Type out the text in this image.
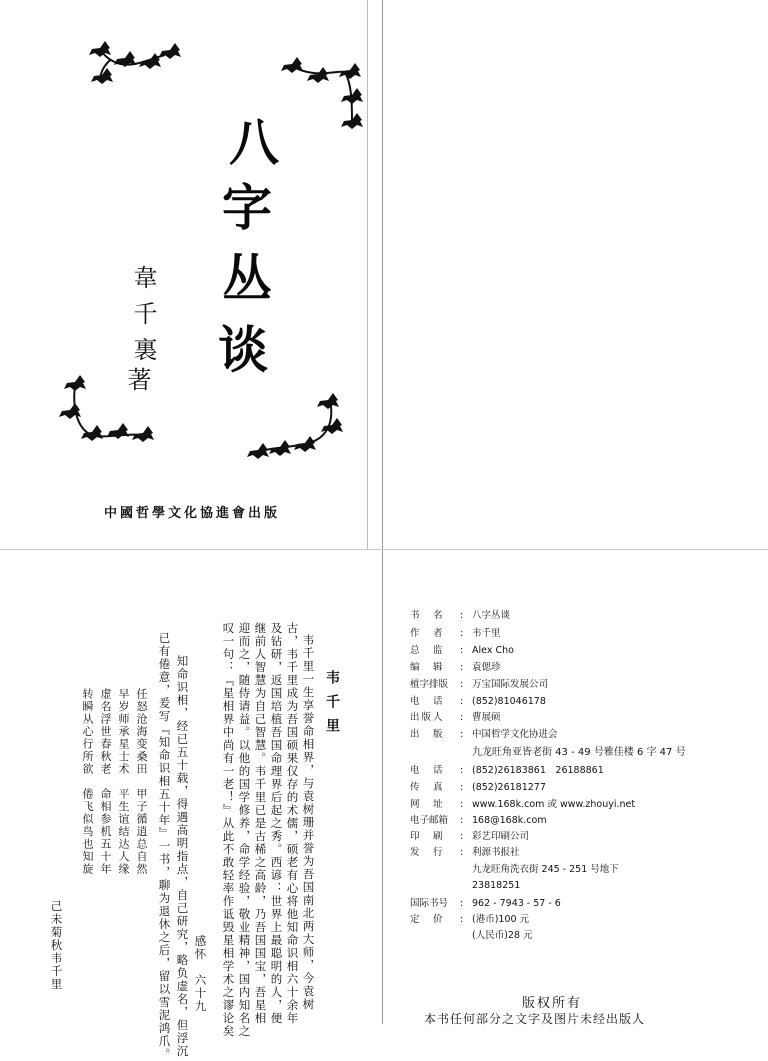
八
字
丛
谈
韋千裏
著
中國哲學文化協進會出版
韦千里
韦千里一生享誉命相界，与袁树珊并誉为吾国南北两大师，今袁树
古，韦千里成为吾国硕果仅存的术儒，硕老有心将他知命识相六十余年
及钻研，返国培植吾国命理界后起之秀。西谚：世界上最聪明的人，便
继前人智慧为自己智慧。韦千里已是古稀之高龄，乃吾国国宝，吾星相
迎而之，随侍请益。以他的国学修养，命学经验，敬业精神，国内知名之
叹一句：『星相界中尚有一老！』从此不敢轻率作诋毁星相学术之谬论矣
感怀　六十九
知命识相，经已五十载，得遇高明指点，自己研究，略负虚名，但浮沉
已有倦意，爰写『知命识相五十年』一书，聊为退休之后，留以雪泥鸿爪。
任怒沧海变桑田　甲子循逍总自然
早岁师承星士术　平生谊结达人缘
虚名浮世春秋老　命相参机五十年
转瞬从心行所欲　倦飞似鸟也知旋
己未菊秋韦千里
书　名 : 八字丛谈
作　者 : 韦千里
总　监 : Alex Cho
编　辑 : 袁偲珍
植字排版 : 万宝国际发展公司
电　话 : (852)81046178
出版人 : 曹展硕
出　版 : 中国哲学文化协进会
九龙旺角亚皆老街 43 - 49 号雅佳楼 6 字 47 号
电　话 : (852)26183861　26188861
传　真 : (852)26181277
网　址 : www.168k.com 或 www.zhouyi.net
电子邮箱 : 168@168k.com
印　刷 : 彩艺印刷公司
发　行 : 利源书报社
九龙旺角洗衣街 245 - 251 号地下
23818251
国际书号 : 962 - 7943 - 57 - 6
定　价 : (港币)100 元
(人民币)28 元
版权所有
本书任何部分之文字及图片未经出版人
